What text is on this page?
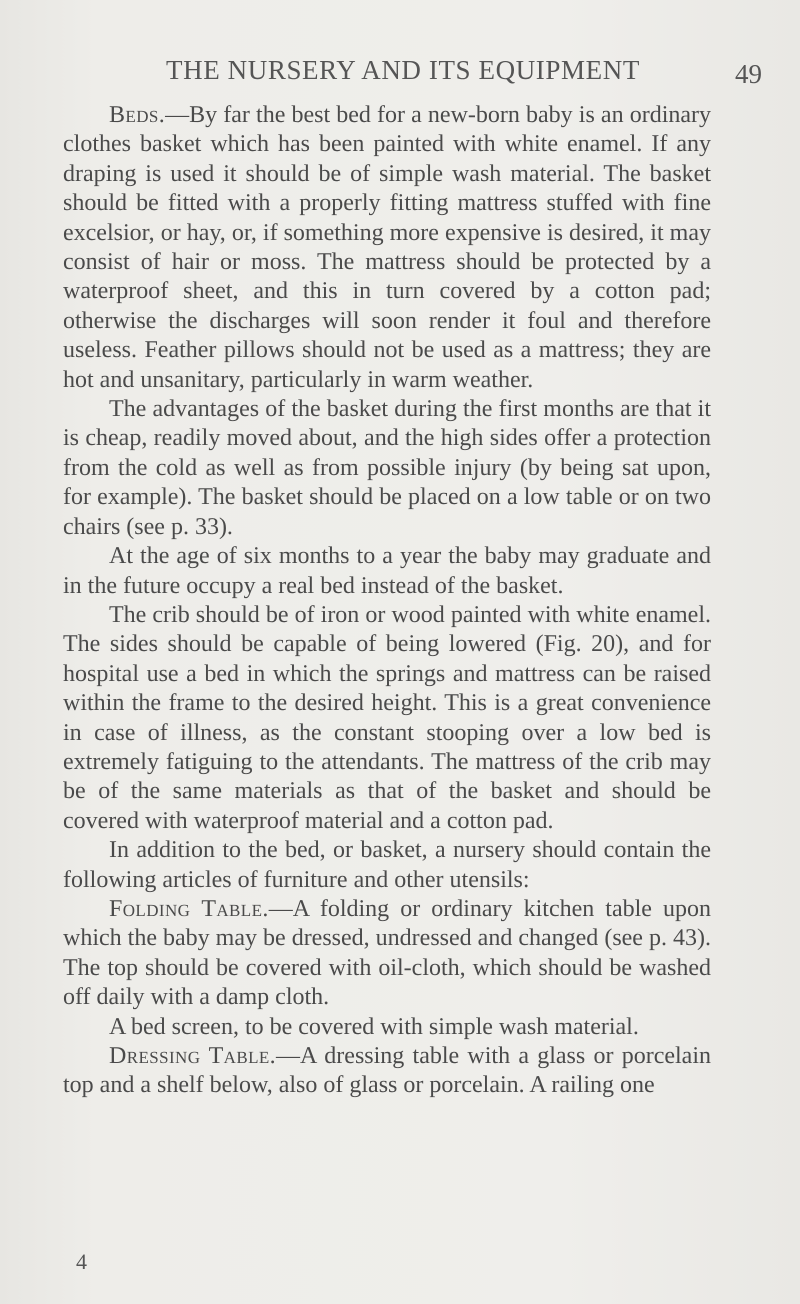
THE NURSERY AND ITS EQUIPMENT	49

Beds.—By far the best bed for a new-born baby is an ordinary clothes basket which has been painted with white enamel. If any draping is used it should be of simple wash material. The basket should be fitted with a properly fitting mattress stuffed with fine excelsior, or hay, or, if something more expensive is desired, it may consist of hair or moss. The mattress should be protected by a waterproof sheet, and this in turn covered by a cotton pad; otherwise the discharges will soon render it foul and therefore useless. Feather pillows should not be used as a mattress; they are hot and unsanitary, particularly in warm weather.

The advantages of the basket during the first months are that it is cheap, readily moved about, and the high sides offer a protection from the cold as well as from possible injury (by being sat upon, for example). The basket should be placed on a low table or on two chairs (see p. 33).

At the age of six months to a year the baby may graduate and in the future occupy a real bed instead of the basket.

The crib should be of iron or wood painted with white enamel. The sides should be capable of being lowered (Fig. 20), and for hospital use a bed in which the springs and mattress can be raised within the frame to the desired height. This is a great convenience in case of illness, as the constant stooping over a low bed is extremely fatiguing to the attendants. The mattress of the crib may be of the same materials as that of the basket and should be covered with waterproof material and a cotton pad.

In addition to the bed, or basket, a nursery should contain the following articles of furniture and other utensils:

Folding Table.—A folding or ordinary kitchen table upon which the baby may be dressed, undressed and changed (see p. 43). The top should be covered with oil-cloth, which should be washed off daily with a damp cloth.

A bed screen, to be covered with simple wash material.

Dressing Table.—A dressing table with a glass or porcelain top and a shelf below, also of glass or porcelain. A railing one

4
